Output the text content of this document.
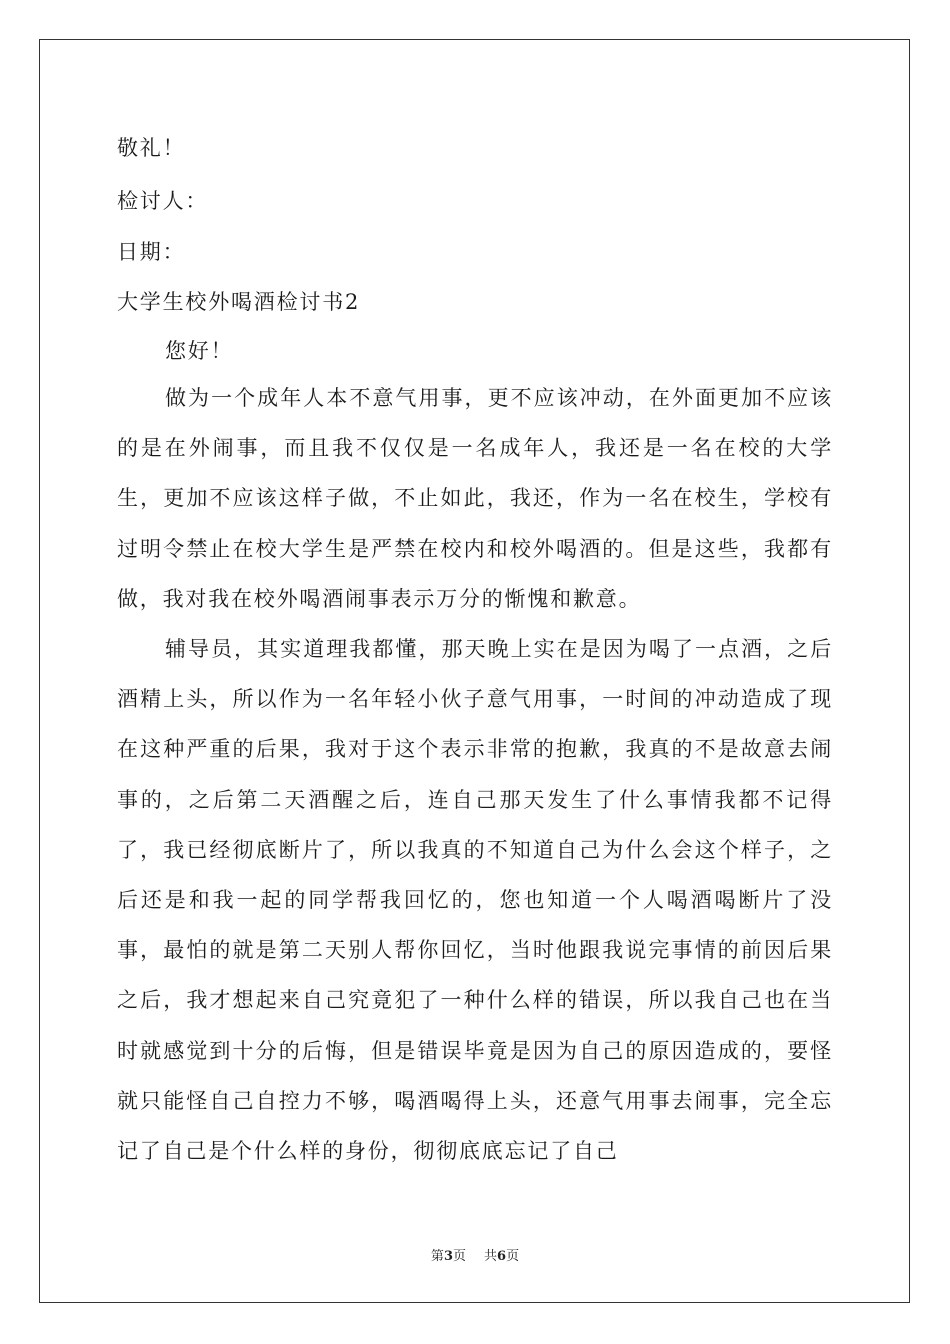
敬礼！
检讨人：
日期：
大学生校外喝酒检讨书2
您好！
做为一个成年人本不意气用事，更不应该冲动，在外面更加不应该的是在外闹事，而且我不仅仅是一名成年人，我还是一名在校的大学生，更加不应该这样子做，不止如此，我还，作为一名在校生，学校有过明令禁止在校大学生是严禁在校内和校外喝酒的。但是这些，我都有做，我对我在校外喝酒闹事表示万分的惭愧和歉意。
辅导员，其实道理我都懂，那天晚上实在是因为喝了一点酒，之后酒精上头，所以作为一名年轻小伙子意气用事，一时间的冲动造成了现在这种严重的后果，我对于这个表示非常的抱歉，我真的不是故意去闹事的，之后第二天酒醒之后，连自己那天发生了什么事情我都不记得了，我已经彻底断片了，所以我真的不知道自己为什么会这个样子，之后还是和我一起的同学帮我回忆的，您也知道一个人喝酒喝断片了没事，最怕的就是第二天别人帮你回忆，当时他跟我说完事情的前因后果之后，我才想起来自己究竟犯了一种什么样的错误，所以我自己也在当时就感觉到十分的后悔，但是错误毕竟是因为自己的原因造成的，要怪就只能怪自己自控力不够，喝酒喝得上头，还意气用事去闹事，完全忘记了自己是个什么样的身份，彻彻底底忘记了自己
第3页 共6页
